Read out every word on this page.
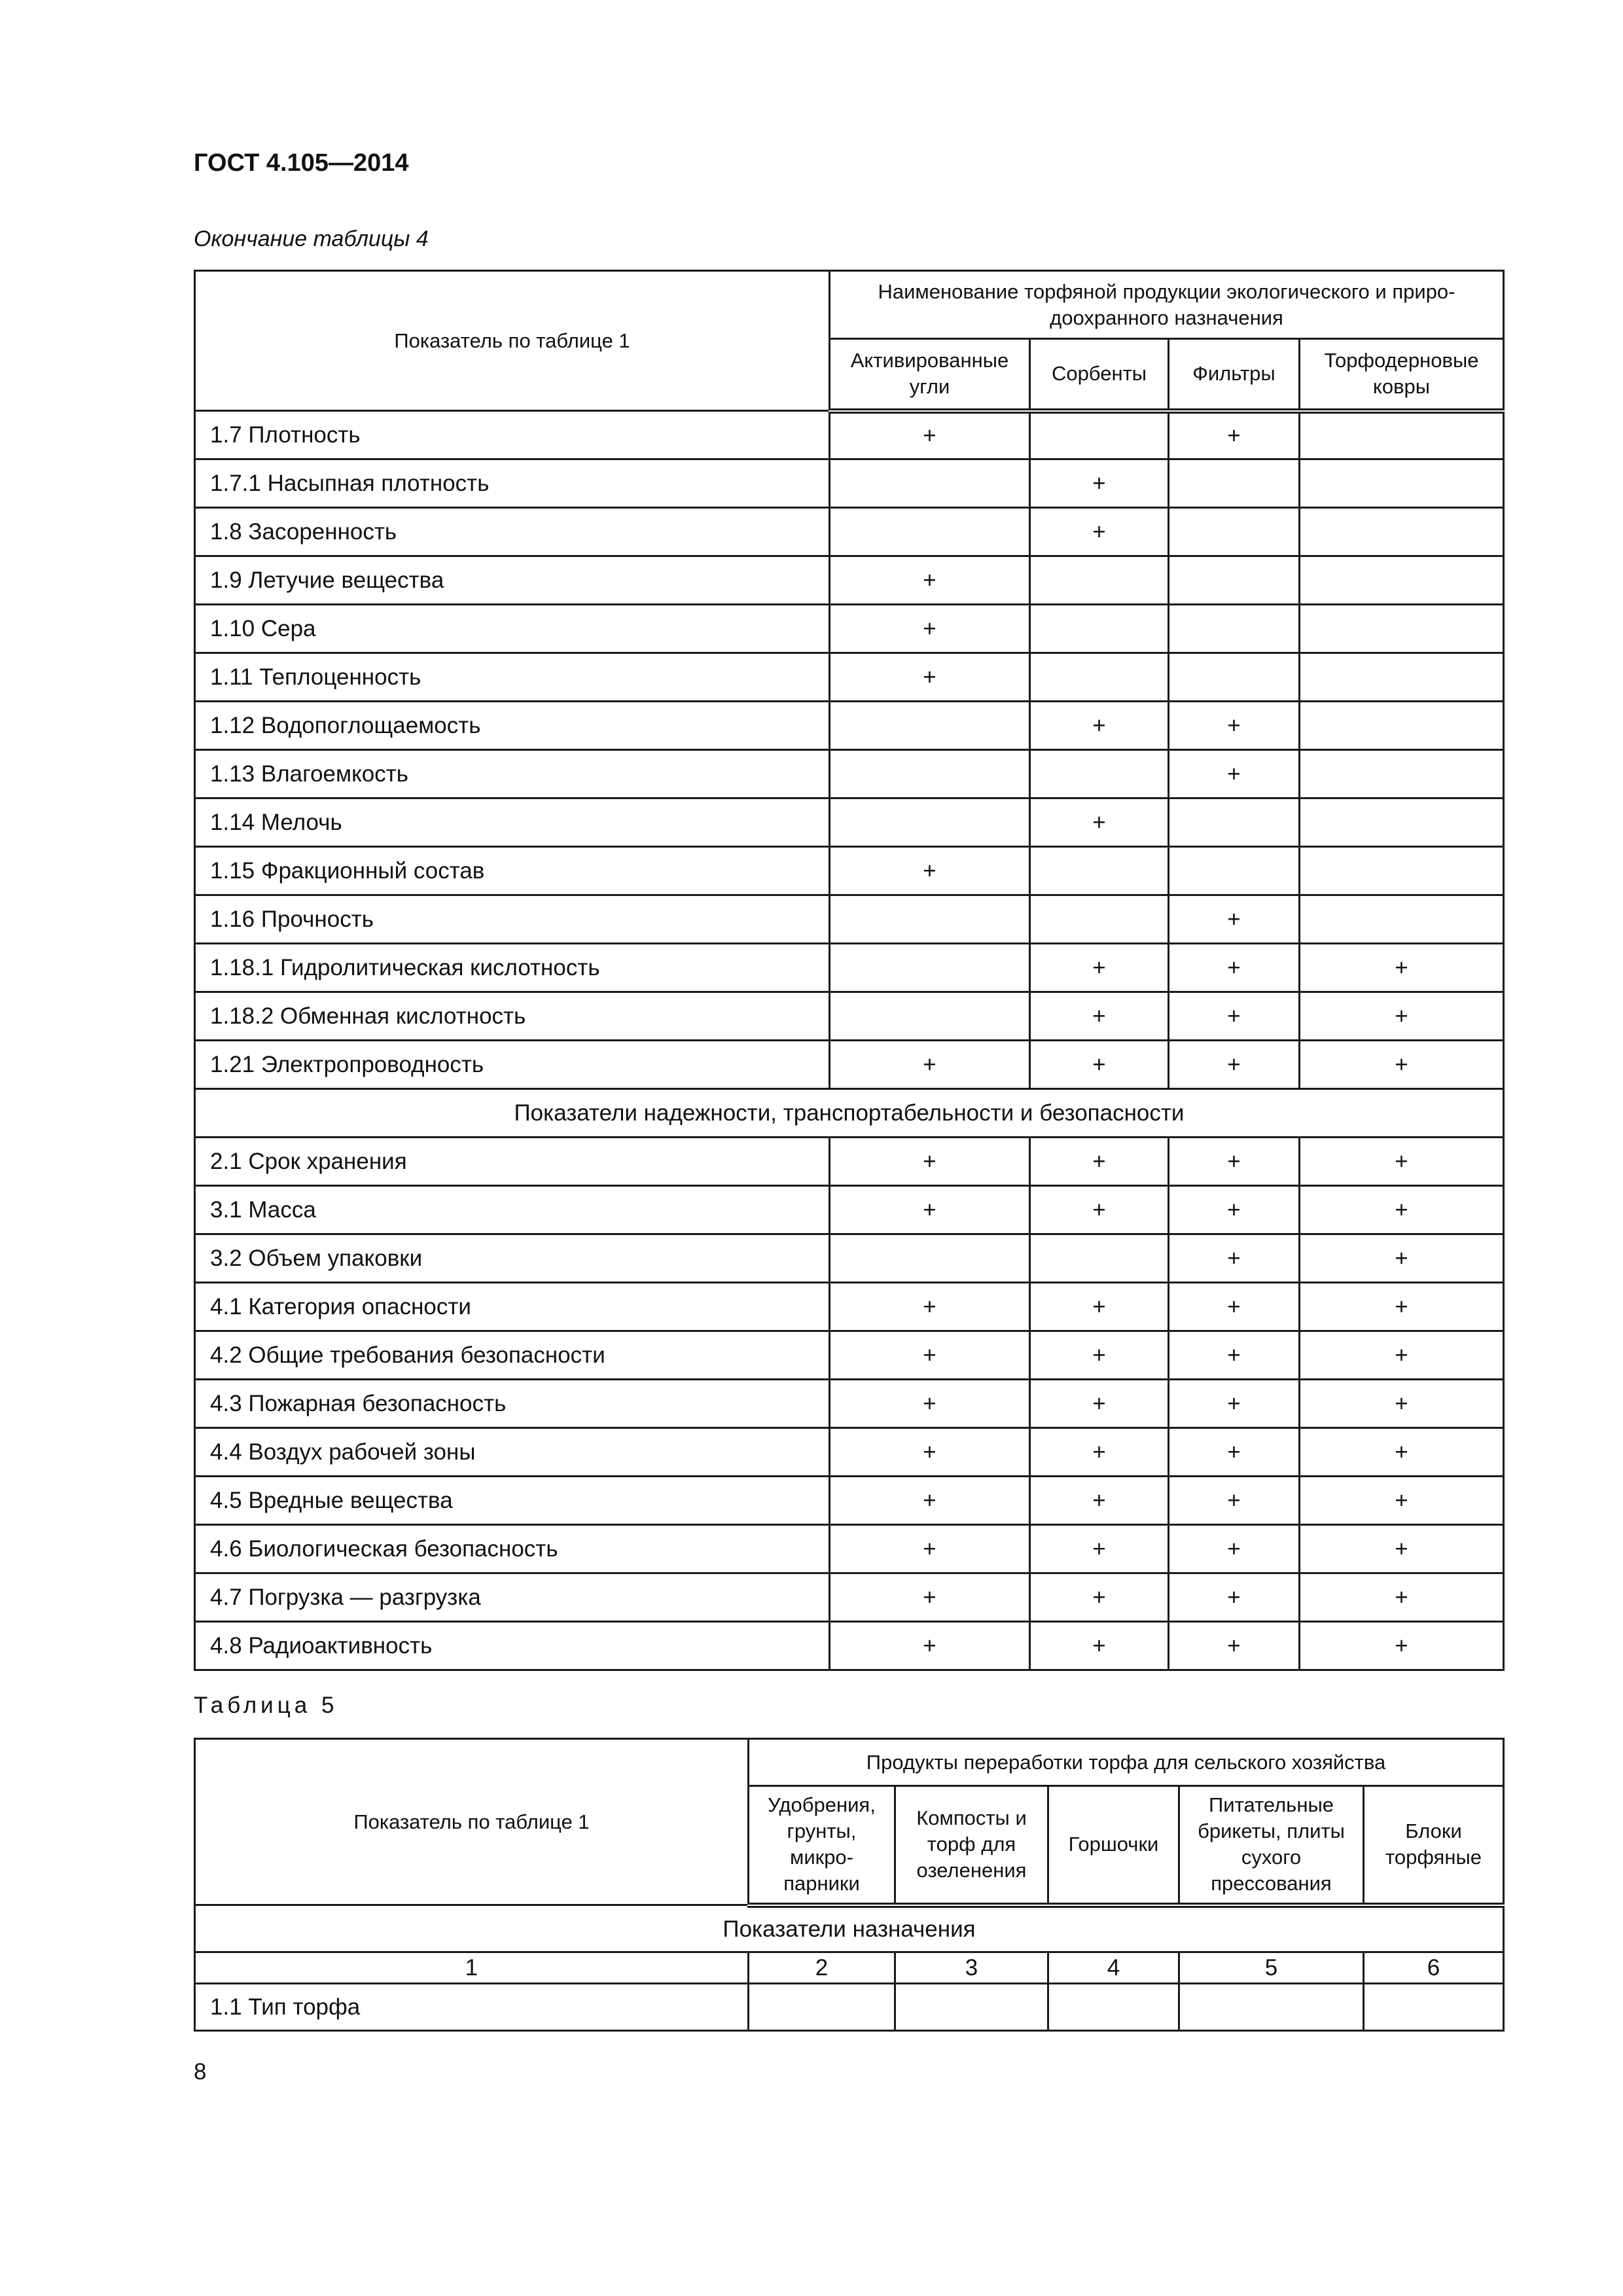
ГОСТ 4.105—2014
Окончание таблицы 4
Показатель по таблице 1	Наименование торфяной продукции экологического и приро-доохранного назначения			
	Активированные угли	Сорбенты	Фильтры	Торфодерновые ковры
1.7 Плотность	+		+	
1.7.1 Насыпная плотность		+		
1.8 Засоренность		+		
1.9 Летучие вещества	+			
1.10 Сера	+			
1.11 Теплоценность	+			
1.12 Водопоглощаемость		+	+	
1.13 Влагоемкость			+	
1.14 Мелочь		+		
1.15 Фракционный состав	+			
1.16 Прочность			+	
1.18.1 Гидролитическая кислотность		+	+	+
1.18.2 Обменная кислотность		+	+	+
1.21 Электропроводность	+	+	+	+
Показатели надежности, транспортабельности и безопасности				
2.1 Срок хранения	+	+	+	+
3.1 Масса	+	+	+	+
3.2 Объем упаковки			+	+
4.1 Категория опасности	+	+	+	+
4.2 Общие требования безопасности	+	+	+	+
4.3 Пожарная безопасность	+	+	+	+
4.4 Воздух рабочей зоны	+	+	+	+
4.5 Вредные вещества	+	+	+	+
4.6 Биологическая безопасность	+	+	+	+
4.7 Погрузка — разгрузка	+	+	+	+
4.8 Радиоактивность	+	+	+	+
Таблица 5
Показатель по таблице 1	Продукты переработки торфа для сельского хозяйства				
	Удобрения, грунты, микро-парники	Компосты и торф для озеленения	Горшочки	Питательные брикеты, плиты сухого прессования	Блоки торфяные
Показатели назначения					
1	2	3	4	5	6
1.1 Тип торфа					
8
